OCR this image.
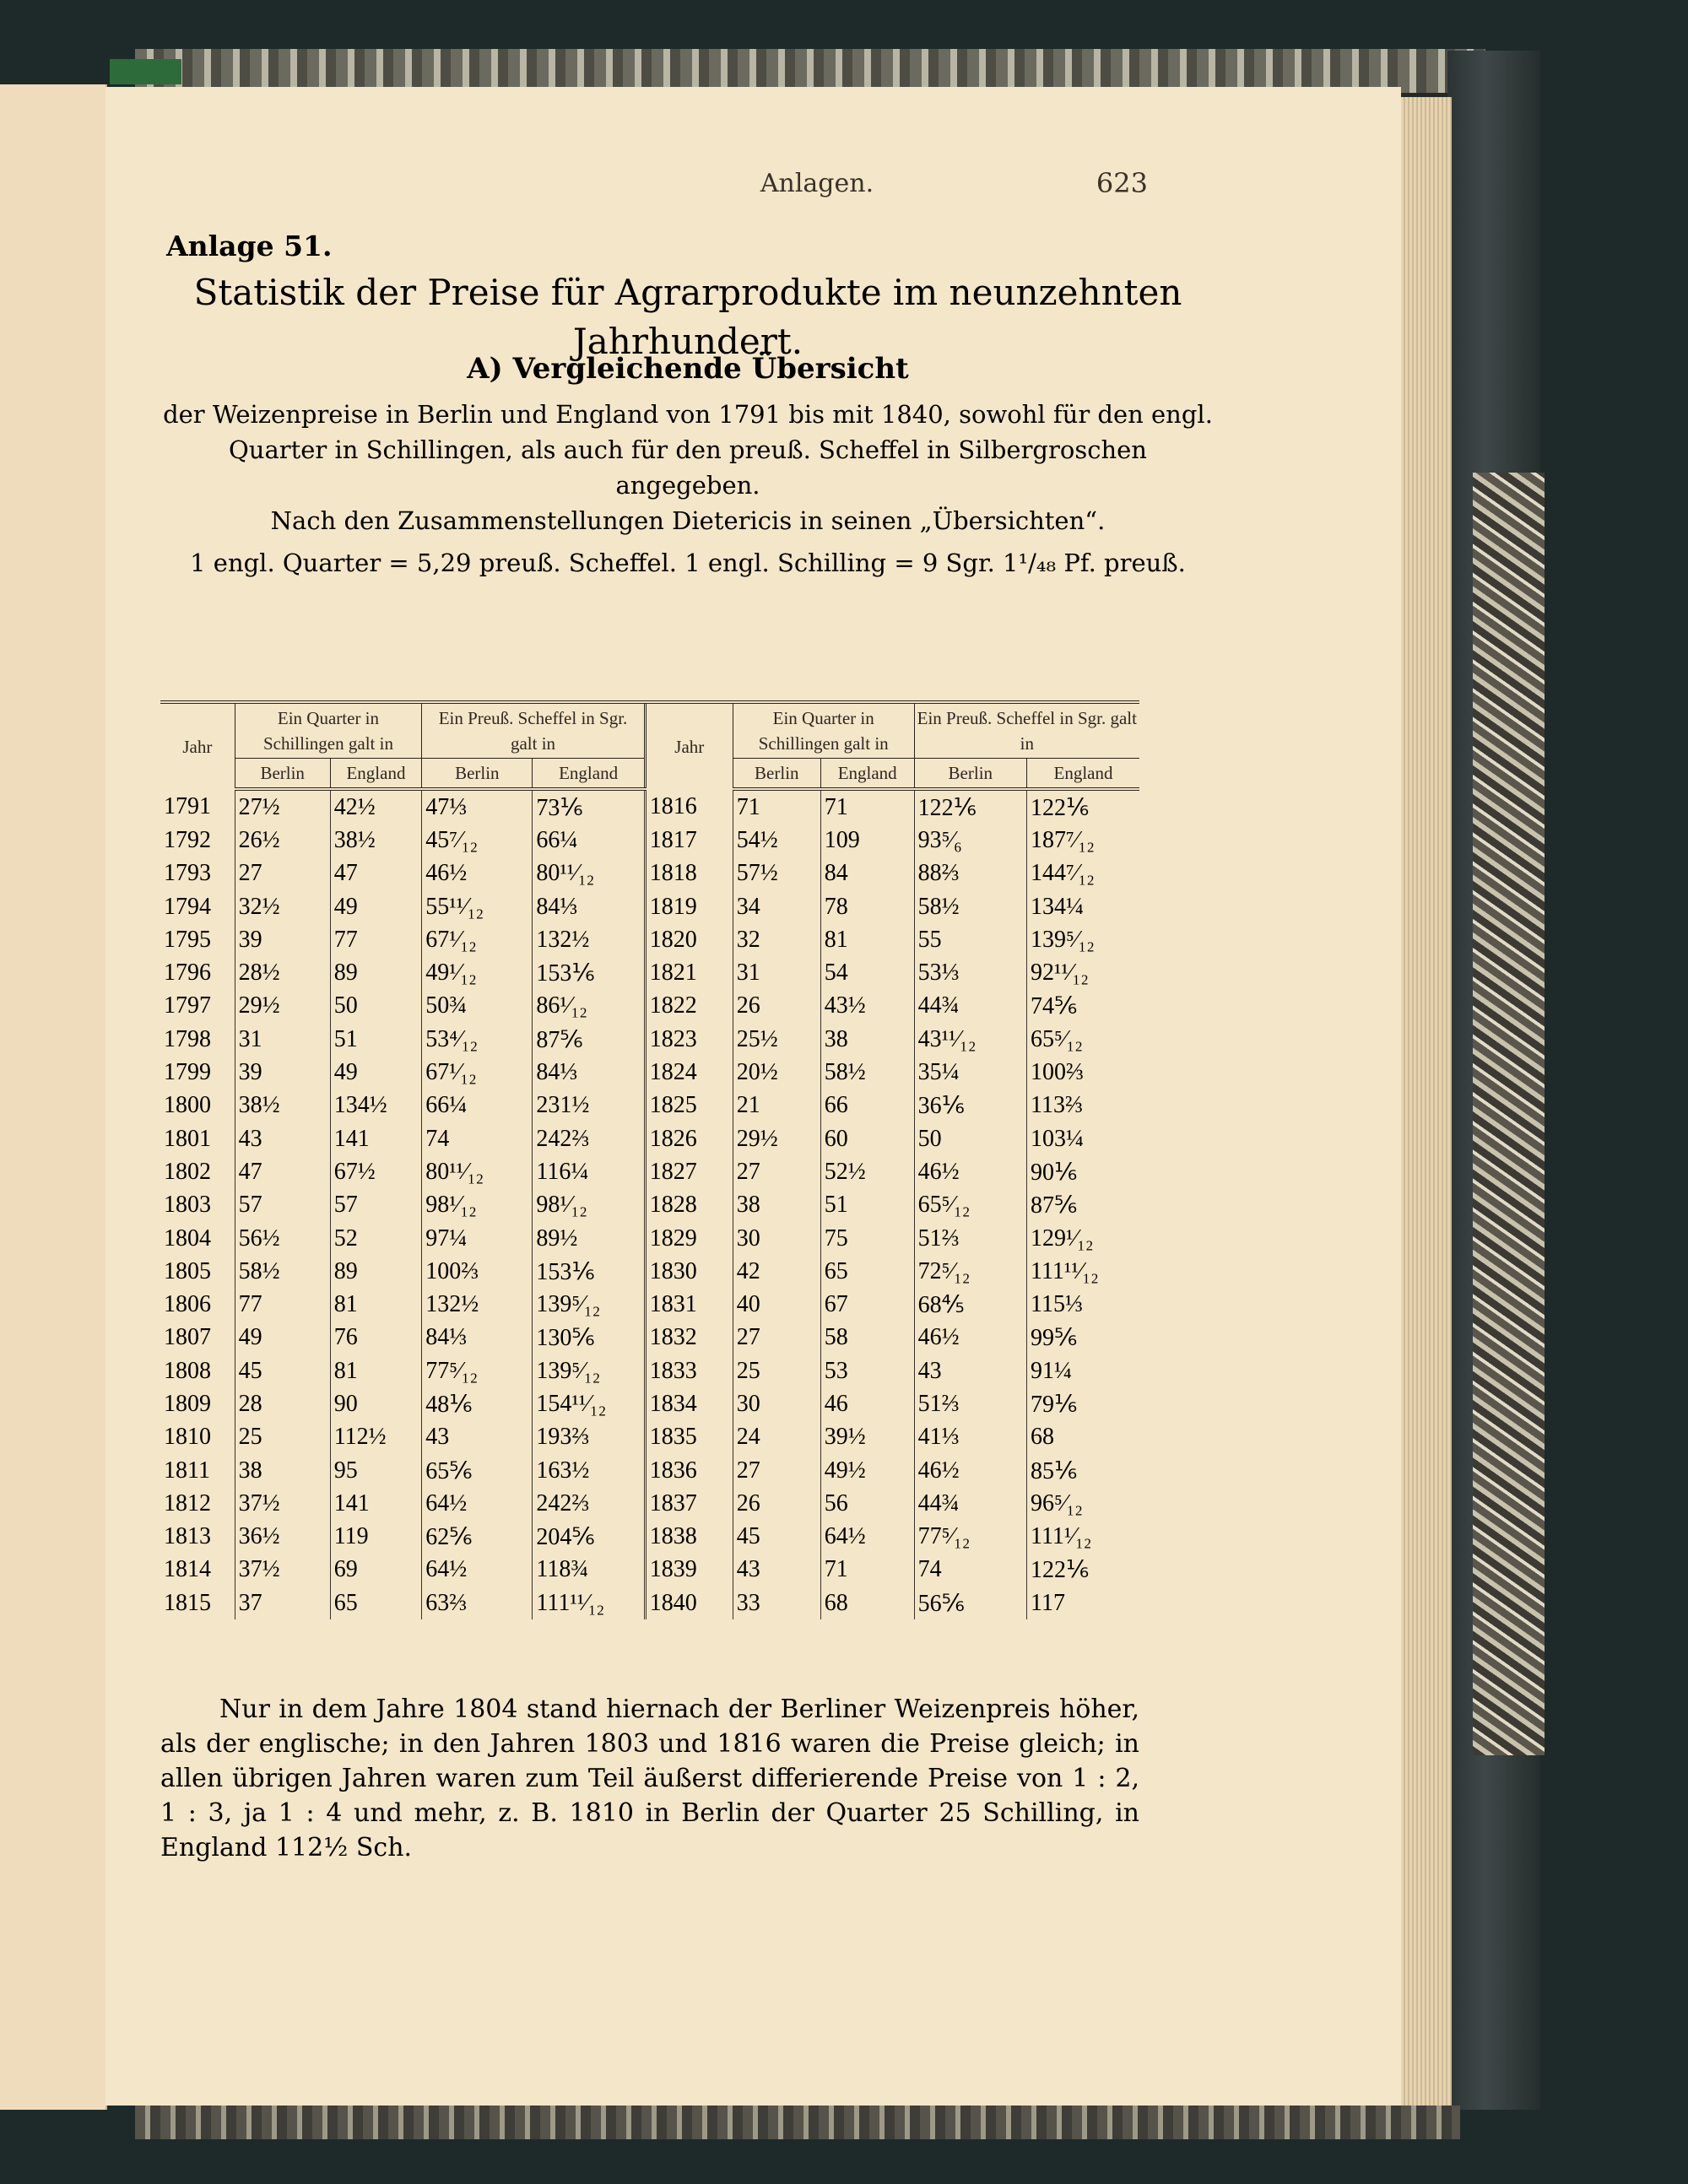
Anlagen.	623
Anlage 51.
Statistik der Preise für Agrarprodukte im neunzehnten Jahrhundert.
A) Vergleichende Übersicht
der Weizenpreise in Berlin und England von 1791 bis mit 1840, sowohl für den engl. Quarter in Schillingen, als auch für den preuß. Scheffel in Silbergroschen angegeben.
Nach den Zusammenstellungen Dietericis in seinen „Übersichten“.
1 engl. Quarter = 5,29 preuß. Scheffel. 1 engl. Schilling = 9 Sgr. 1¹/₄₈ Pf. preuß.
Jahr	Ein Quarter in Schillingen galt in		Ein Preuß. Scheffel in Sgr. galt in		Jahr	Ein Quarter in Schillingen galt in		Ein Preuß. Scheffel in Sgr. galt in	
	Berlin	England	Berlin	England		Berlin	England	Berlin	England
1791	27½	42½	47⅓	73⅙	1816	71	71	122⅙	122⅙
1792	26½	38½	45⁷⁄₁₂	66¼	1817	54½	109	93⁵⁄₆	187⁷⁄₁₂
1793	27	47	46½	80¹¹⁄₁₂	1818	57½	84	88⅔	144⁷⁄₁₂
1794	32½	49	55¹¹⁄₁₂	84⅓	1819	34	78	58½	134¼
1795	39	77	67¹⁄₁₂	132½	1820	32	81	55	139⁵⁄₁₂
1796	28½	89	49¹⁄₁₂	153⅙	1821	31	54	53⅓	92¹¹⁄₁₂
1797	29½	50	50¾	86¹⁄₁₂	1822	26	43½	44¾	74⅚
1798	31	51	53⁴⁄₁₂	87⅚	1823	25½	38	43¹¹⁄₁₂	65⁵⁄₁₂
1799	39	49	67¹⁄₁₂	84⅓	1824	20½	58½	35¼	100⅔
1800	38½	134½	66¼	231½	1825	21	66	36⅙	113⅔
1801	43	141	74	242⅔	1826	29½	60	50	103¼
1802	47	67½	80¹¹⁄₁₂	116¼	1827	27	52½	46½	90⅙
1803	57	57	98¹⁄₁₂	98¹⁄₁₂	1828	38	51	65⁵⁄₁₂	87⅚
1804	56½	52	97¼	89½	1829	30	75	51⅔	129¹⁄₁₂
1805	58½	89	100⅔	153⅙	1830	42	65	72⁵⁄₁₂	111¹¹⁄₁₂
1806	77	81	132½	139⁵⁄₁₂	1831	40	67	68⅘	115⅓
1807	49	76	84⅓	130⅚	1832	27	58	46½	99⅚
1808	45	81	77⁵⁄₁₂	139⁵⁄₁₂	1833	25	53	43	91¼
1809	28	90	48⅙	154¹¹⁄₁₂	1834	30	46	51⅔	79⅙
1810	25	112½	43	193⅔	1835	24	39½	41⅓	68
1811	38	95	65⅚	163½	1836	27	49½	46½	85⅙
1812	37½	141	64½	242⅔	1837	26	56	44¾	96⁵⁄₁₂
1813	36½	119	62⅚	204⅚	1838	45	64½	77⁵⁄₁₂	111¹⁄₁₂
1814	37½	69	64½	118¾	1839	43	71	74	122⅙
1815	37	65	63⅔	111¹¹⁄₁₂	1840	33	68	56⅚	117

Nur in dem Jahre 1804 stand hiernach der Berliner Weizenpreis höher, als der englische; in den Jahren 1803 und 1816 waren die Preise gleich; in allen übrigen Jahren waren zum Teil äußerst differierende Preise von 1 : 2, 1 : 3, ja 1 : 4 und mehr, z. B. 1810 in Berlin der Quarter 25 Schilling, in England 112½ Sch.
